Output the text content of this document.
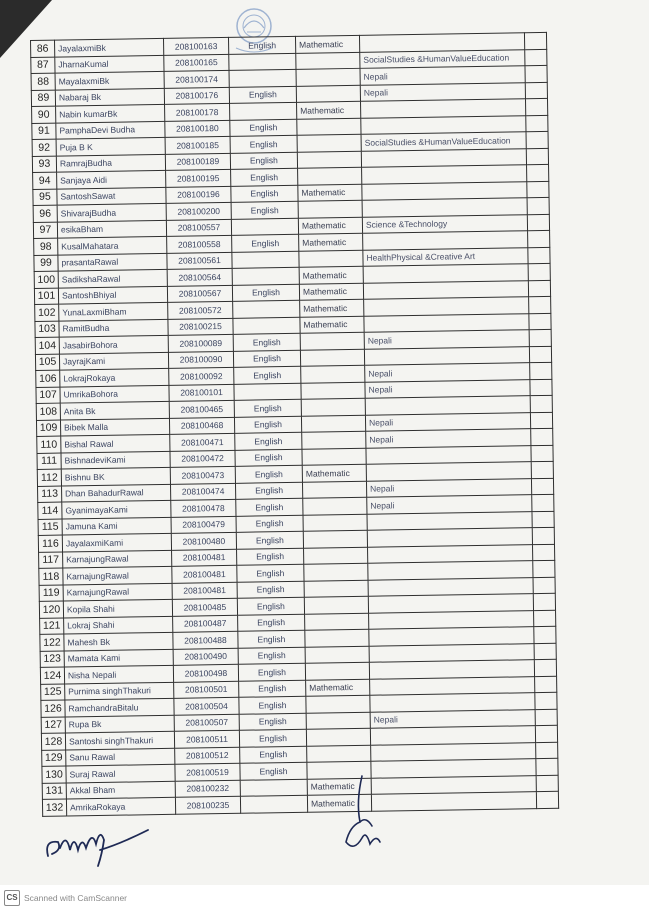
86	JayalaxmiBk	208100163	English	Mathematic		
87	JharnaKumal	208100165			SocialStudies &HumanValueEducation	
88	MayalaxmiBk	208100174			Nepali	
89	Nabaraj Bk	208100176	English		Nepali	
90	Nabin kumarBk	208100178		Mathematic		
91	PamphaDevi Budha	208100180	English			
92	Puja B K	208100185	English		SocialStudies &HumanValueEducation	
93	RamrajBudha	208100189	English			
94	Sanjaya Aidi	208100195	English			
95	SantoshSawat	208100196	English	Mathematic		
96	ShivarajBudha	208100200	English			
97	esikaBham	208100557		Mathematic	Science &Technology	
98	KusalMahatara	208100558	English	Mathematic		
99	prasantaRawal	208100561			HealthPhysical &Creative Art	
100	SadikshaRawal	208100564		Mathematic		
101	SantoshBhiyal	208100567	English	Mathematic		
102	YunaLaxmiBham	208100572		Mathematic		
103	RamitBudha	208100215		Mathematic		
104	JasabirBohora	208100089	English		Nepali	
105	JayrajKami	208100090	English			
106	LokrajRokaya	208100092	English		Nepali	
107	UmrikaBohora	208100101			Nepali	
108	Anita Bk	208100465	English			
109	Bibek Malla	208100468	English		Nepali	
110	Bishal Rawal	208100471	English		Nepali	
111	BishnadeviKami	208100472	English			
112	Bishnu BK	208100473	English	Mathematic		
113	Dhan BahadurRawal	208100474	English		Nepali	
114	GyanimayaKami	208100478	English		Nepali	
115	Jamuna Kami	208100479	English			
116	JayalaxmiKami	208100480	English			
117	KarnajungRawal	208100481	English			
118	KarnajungRawal	208100481	English			
119	KarnajungRawal	208100481	English			
120	Kopila Shahi	208100485	English			
121	Lokraj Shahi	208100487	English			
122	Mahesh Bk	208100488	English			
123	Mamata Kami	208100490	English			
124	Nisha Nepali	208100498	English			
125	Purnima singhThakuri	208100501	English	Mathematic		
126	RamchandraBitalu	208100504	English			
127	Rupa Bk	208100507	English		Nepali	
128	Santoshi singhThakuri	208100511	English			
129	Sanu Rawal	208100512	English			
130	Suraj Rawal	208100519	English			
131	Akkal Bham	208100232		Mathematic		
132	AmrikaRokaya	208100235		Mathematic		
CS Scanned with CamScanner
